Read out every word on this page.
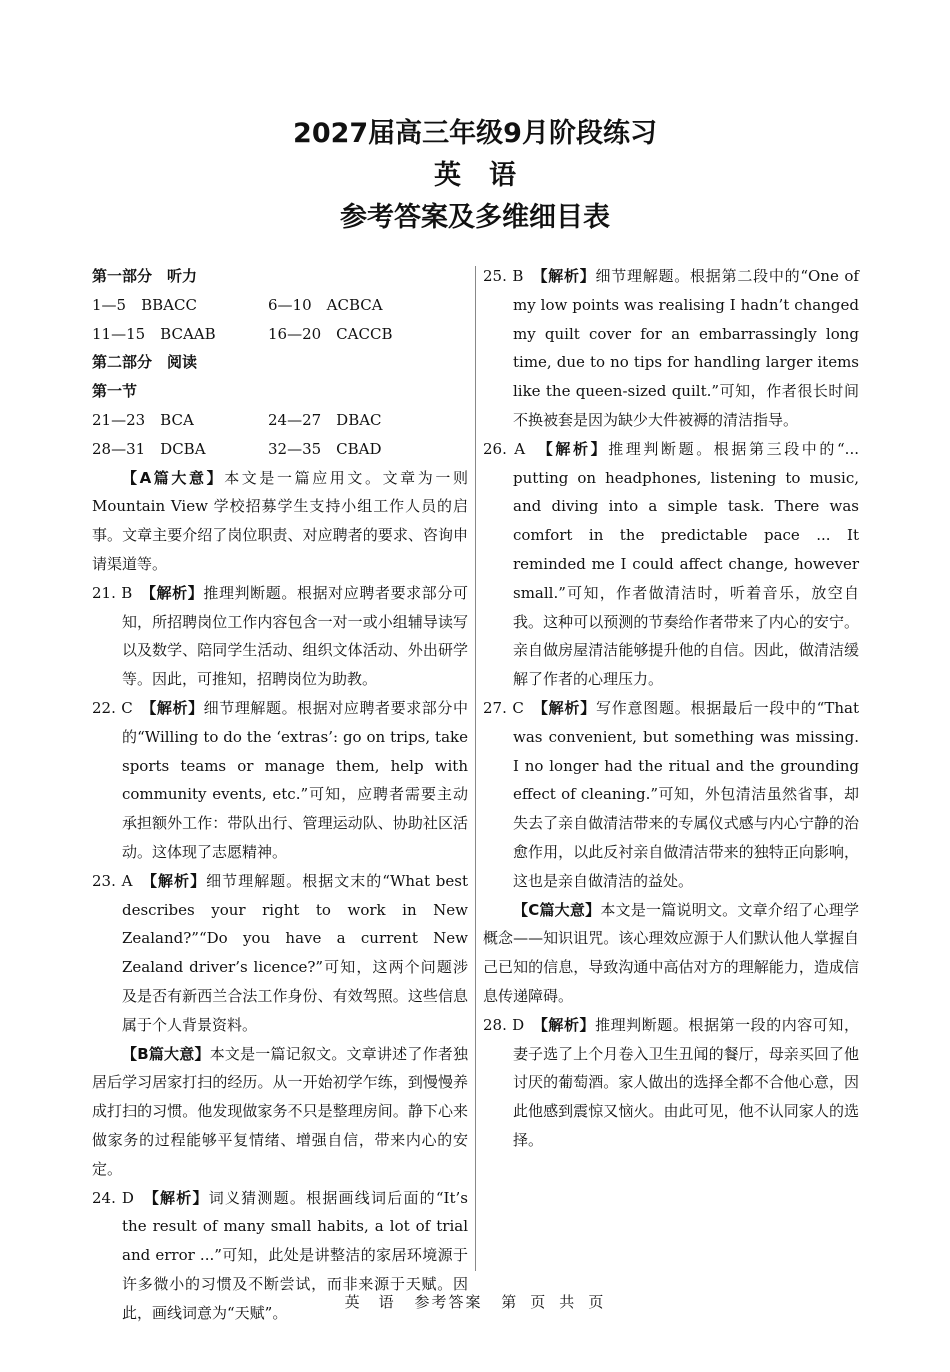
2027届高三年级9月阶段练习
英语
参考答案及多维细目表
第一部分　听力
1—5　BBACC	6—10　ACBCA
11—15　BCAAB	16—20　CACCB
第二部分　阅读
第一节
21—23　BCA	24—27　DBAC
28—31　DCBA	32—35　CBAD
【A篇大意】本文是一篇应用文。文章为一则 Mountain View 学校招募学生支持小组工作人员的启事。文章主要介绍了岗位职责、对应聘者的要求、咨询申请渠道等。
21. B　【解析】推理判断题。根据对应聘者要求部分可知，所招聘岗位工作内容包含一对一或小组辅导读写以及数学、陪同学生活动、组织文体活动、外出研学等。因此，可推知，招聘岗位为助教。
22. C　【解析】细节理解题。根据对应聘者要求部分中的“Willing to do the ‘extras’: go on trips, take sports teams or manage them, help with community events, etc.”可知，应聘者需要主动承担额外工作：带队出行、管理运动队、协助社区活动。这体现了志愿精神。
23. A　【解析】细节理解题。根据文末的“What best describes your right to work in New Zealand?”“Do you have a current New Zealand driver’s licence?”可知，这两个问题涉及是否有新西兰合法工作身份、有效驾照。这些信息属于个人背景资料。
【B篇大意】本文是一篇记叙文。文章讲述了作者独居后学习居家打扫的经历。从一开始初学乍练，到慢慢养成打扫的习惯。他发现做家务不只是整理房间。静下心来做家务的过程能够平复情绪、增强自信，带来内心的安定。
24. D　【解析】词义猜测题。根据画线词后面的“It’s the result of many small habits, a lot of trial and error ...”可知，此处是讲整洁的家居环境源于许多微小的习惯及不断尝试，而非来源于天赋。因此，画线词意为“天赋”。
25. B　【解析】细节理解题。根据第二段中的“One of my low points was realising I hadn’t changed my quilt cover for an embarrassingly long time, due to no tips for handling larger items like the queen-sized quilt.”可知，作者很长时间不换被套是因为缺少大件被褥的清洁指导。
26. A　【解析】推理判断题。根据第三段中的“... putting on headphones, listening to music, and diving into a simple task. There was comfort in the predictable pace ... It reminded me I could affect change, however small.”可知，作者做清洁时，听着音乐，放空自我。这种可以预测的节奏给作者带来了内心的安宁。亲自做房屋清洁能够提升他的自信。因此，做清洁缓解了作者的心理压力。
27. C　【解析】写作意图题。根据最后一段中的“That was convenient, but something was missing. I no longer had the ritual and the grounding effect of cleaning.”可知，外包清洁虽然省事，却失去了亲自做清洁带来的专属仪式感与内心宁静的治愈作用，以此反衬亲自做清洁带来的独特正向影响，这也是亲自做清洁的益处。
【C篇大意】本文是一篇说明文。文章介绍了心理学概念——知识诅咒。该心理效应源于人们默认他人掌握自己已知的信息，导致沟通中高估对方的理解能力，造成信息传递障碍。
28. D　【解析】推理判断题。根据第一段的内容可知，妻子选了上个月卷入卫生丑闻的餐厅，母亲买回了他讨厌的葡萄酒。家人做出的选择全都不合他心意，因此他感到震惊又恼火。由此可见，他不认同家人的选择。
英　语 参考答案 第 页 共 页
